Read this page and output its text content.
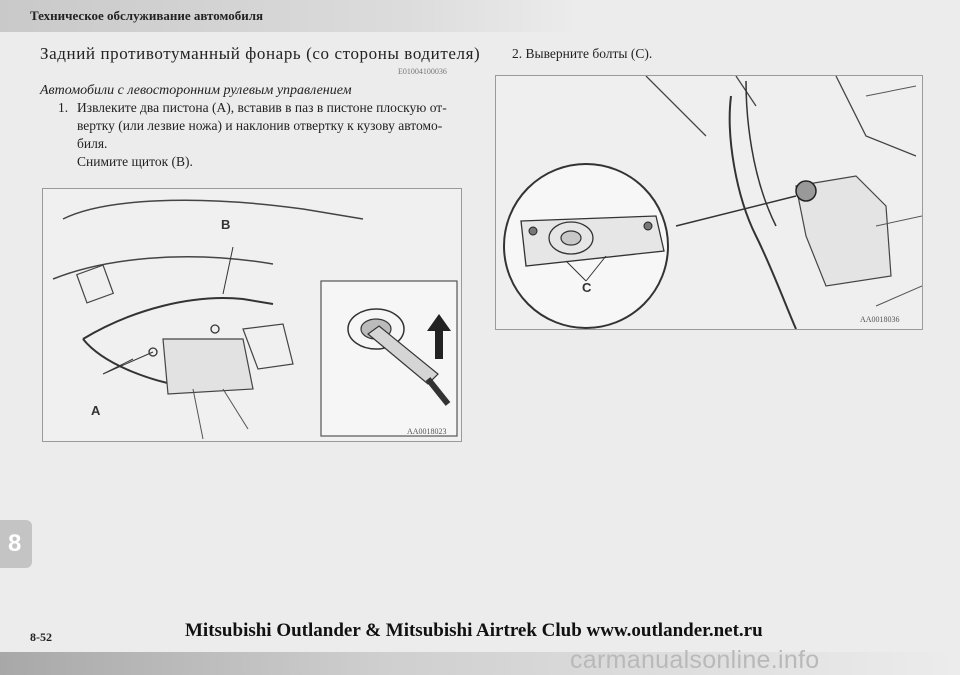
Техническое обслуживание автомобиля
Задний противотуманный фонарь (со стороны водителя)
E01004100036
Автомобили с левосторонним рулевым управлением
1. Извлеките два пистона (A), вставив в паз в пистоне плоскую от-вертку (или лезвие ножа) и наклонив отвертку к кузову автомо-биля.
Снимите щиток (B).
2. Выверните болты (C).
B
A
AA0018023
C
AA0018036
8
8-52	Mitsubishi Outlander & Mitsubishi Airtrek Club www.outlander.net.ru
carmanualsonline.info
